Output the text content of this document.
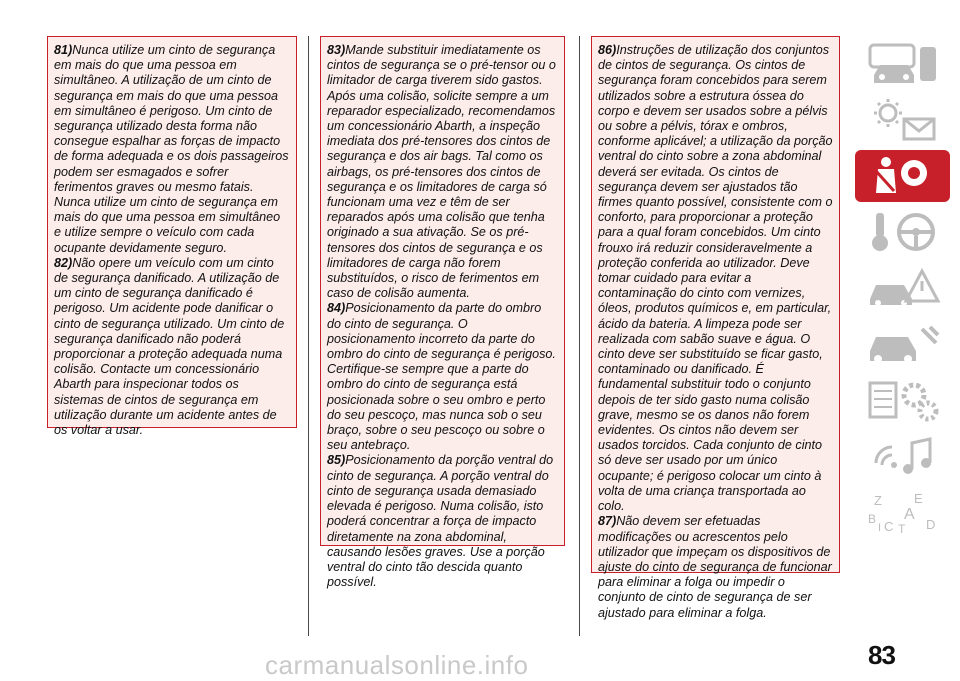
81)Nunca utilize um cinto de segurança em mais do que uma pessoa em simultâneo. A utilização de um cinto de segurança em mais do que uma pessoa em simultâneo é perigoso. Um cinto de segurança utilizado desta forma não consegue espalhar as forças de impacto de forma adequada e os dois passageiros podem ser esmagados e sofrer ferimentos graves ou mesmo fatais. Nunca utilize um cinto de segurança em mais do que uma pessoa em simultâneo e utilize sempre o veículo com cada ocupante devidamente seguro.

82)Não opere um veículo com um cinto de segurança danificado. A utilização de um cinto de segurança danificado é perigoso. Um acidente pode danificar o cinto de segurança utilizado. Um cinto de segurança danificado não poderá proporcionar a proteção adequada numa colisão. Contacte um concessionário Abarth para inspecionar todos os sistemas de cintos de segurança em utilização durante um acidente antes de os voltar a usar.

83)Mande substituir imediatamente os cintos de segurança se o pré-tensor ou o limitador de carga tiverem sido gastos. Após uma colisão, solicite sempre a um reparador especializado, recomendamos um concessionário Abarth, a inspeção imediata dos pré-tensores dos cintos de segurança e dos air bags. Tal como os airbags, os pré-tensores dos cintos de segurança e os limitadores de carga só funcionam uma vez e têm de ser reparados após uma colisão que tenha originado a sua ativação. Se os pré-tensores dos cintos de segurança e os limitadores de carga não forem substituídos, o risco de ferimentos em caso de colisão aumenta.

84)Posicionamento da parte do ombro do cinto de segurança. O posicionamento incorreto da parte do ombro do cinto de segurança é perigoso. Certifique-se sempre que a parte do ombro do cinto de segurança está posicionada sobre o seu ombro e perto do seu pescoço, mas nunca sob o seu braço, sobre o seu pescoço ou sobre o seu antebraço.

85)Posicionamento da porção ventral do cinto de segurança. A porção ventral do cinto de segurança usada demasiado elevada é perigoso. Numa colisão, isto poderá concentrar a força de impacto diretamente na zona abdominal, causando lesões graves. Use a porção ventral do cinto tão descida quanto possível.

86)Instruções de utilização dos conjuntos de cintos de segurança. Os cintos de segurança foram concebidos para serem utilizados sobre a estrutura óssea do corpo e devem ser usados sobre a pélvis ou sobre a pélvis, tórax e ombros, conforme aplicável; a utilização da porção ventral do cinto sobre a zona abdominal deverá ser evitada. Os cintos de segurança devem ser ajustados tão firmes quanto possível, consistente com o conforto, para proporcionar a proteção para a qual foram concebidos. Um cinto frouxo irá reduzir consideravelmente a proteção conferida ao utilizador. Deve tomar cuidado para evitar a contaminação do cinto com vernizes, óleos, produtos químicos e, em particular, ácido da bateria. A limpeza pode ser realizada com sabão suave e água. O cinto deve ser substituído se ficar gasto, contaminado ou danificado. É fundamental substituir todo o conjunto depois de ter sido gasto numa colisão grave, mesmo se os danos não forem evidentes. Os cintos não devem ser usados torcidos. Cada conjunto de cinto só deve ser usado por um único ocupante; é perigoso colocar um cinto à volta de uma criança transportada ao colo.

87)Não devem ser efetuadas modificações ou acrescentos pelo utilizador que impeçam os dispositivos de ajuste do cinto de segurança de funcionar para eliminar a folga ou impedir o conjunto de cinto de segurança de ser ajustado para eliminar a folga.

Z E
A
B C	D
I T
83
carmanualsonline.info
